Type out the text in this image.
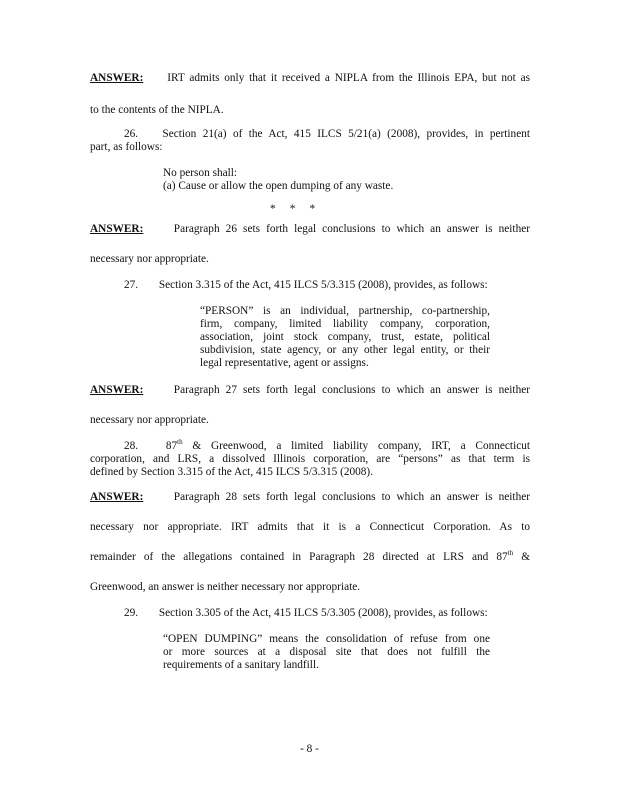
ANSWER: IRT admits only that it received a NIPLA from the Illinois EPA, but not as
to the contents of the NIPLA.
26. Section 21(a) of the Act, 415 ILCS 5/21(a) (2008), provides, in pertinent
part, as follows:
No person shall:
(a) Cause or allow the open dumping of any waste.
*     *     *
ANSWER:	Paragraph 26 sets forth legal conclusions to which an answer is neither
necessary nor appropriate.
27. Section 3.315 of the Act, 415 ILCS 5/3.315 (2008), provides, as follows:
“PERSON” is an individual, partnership, co-partnership,
firm, company, limited liability company, corporation,
association, joint stock company, trust, estate, political
subdivision, state agency, or any other legal entity, or their
legal representative, agent or assigns.
ANSWER:	Paragraph 27 sets forth legal conclusions to which an answer is neither
necessary nor appropriate.
28. 87th & Greenwood, a limited liability company, IRT, a Connecticut
corporation, and LRS, a dissolved Illinois corporation, are “persons” as that term is
defined by Section 3.315 of the Act, 415 ILCS 5/3.315 (2008).
ANSWER:	Paragraph 28 sets forth legal conclusions to which an answer is neither
necessary nor appropriate. IRT admits that it is a Connecticut Corporation. As to
remainder of the allegations contained in Paragraph 28 directed at LRS and 87th &
Greenwood, an answer is neither necessary nor appropriate.
29. Section 3.305 of the Act, 415 ILCS 5/3.305 (2008), provides, as follows:
“OPEN DUMPING” means the consolidation of refuse from one
or more sources at a disposal site that does not fulfill the
requirements of a sanitary landfill.
- 8 -
